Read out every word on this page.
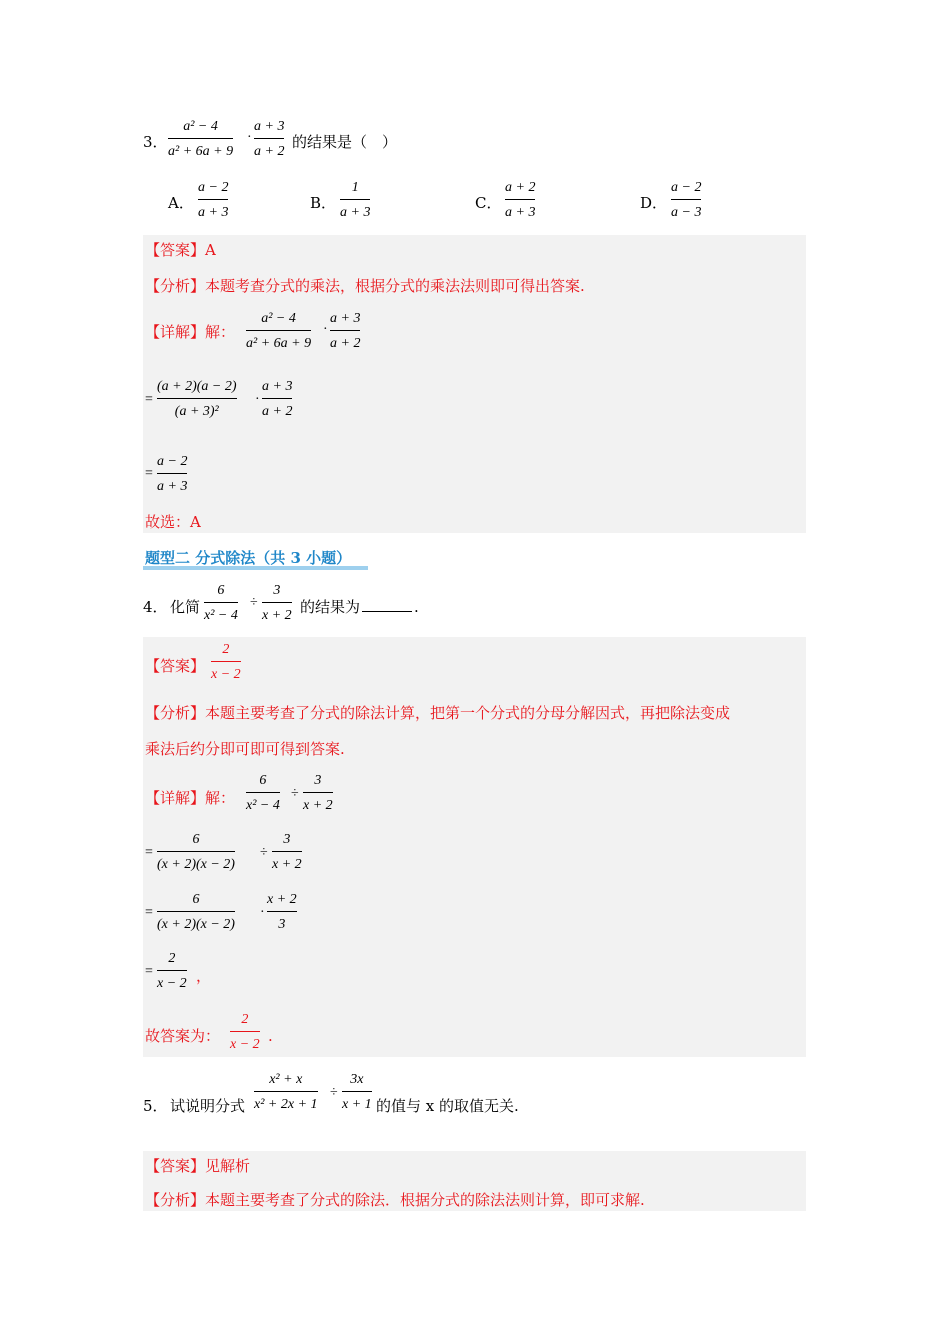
3．
a² − 4
a² + 6a + 9
·
a + 3
a + 2
的结果是（　）
A．
a − 2
a + 3
B．
1
a + 3
C．
a + 2
a + 3
D．
a − 2
a − 3
【答案】A
【分析】本题考查分式的乘法，根据分式的乘法法则即可得出答案.
【详解】解：
a² − 4
a² + 6a + 9
·
a + 3
a + 2
=
(a + 2)(a − 2)
(a + 3)²
·
a + 3
a + 2
=
a − 2
a + 3
故选：A
题型二 分式除法（共 3 小题）
4． 化简
6
x² − 4
÷
3
x + 2 的结果为	.
【答案】
2
x − 2
【分析】本题主要考查了分式的除法计算，把第一个分式的分母分解因式，再把除法变成
乘法后约分即可即可得到答案.
【详解】解：
6
x² − 4
÷
3
x + 2
=
6
(x + 2)(x − 2)
÷
3
x + 2
=
6
(x + 2)(x − 2)
·
x + 2
3
=
2
x − 2 ，
故答案为：
2
x − 2 .
5． 试说明分式
x² + x
x² + 2x + 1
÷
3x
x + 1 的值与 x 的取值无关.
【答案】见解析
【分析】本题主要考查了分式的除法．根据分式的除法法则计算，即可求解.
